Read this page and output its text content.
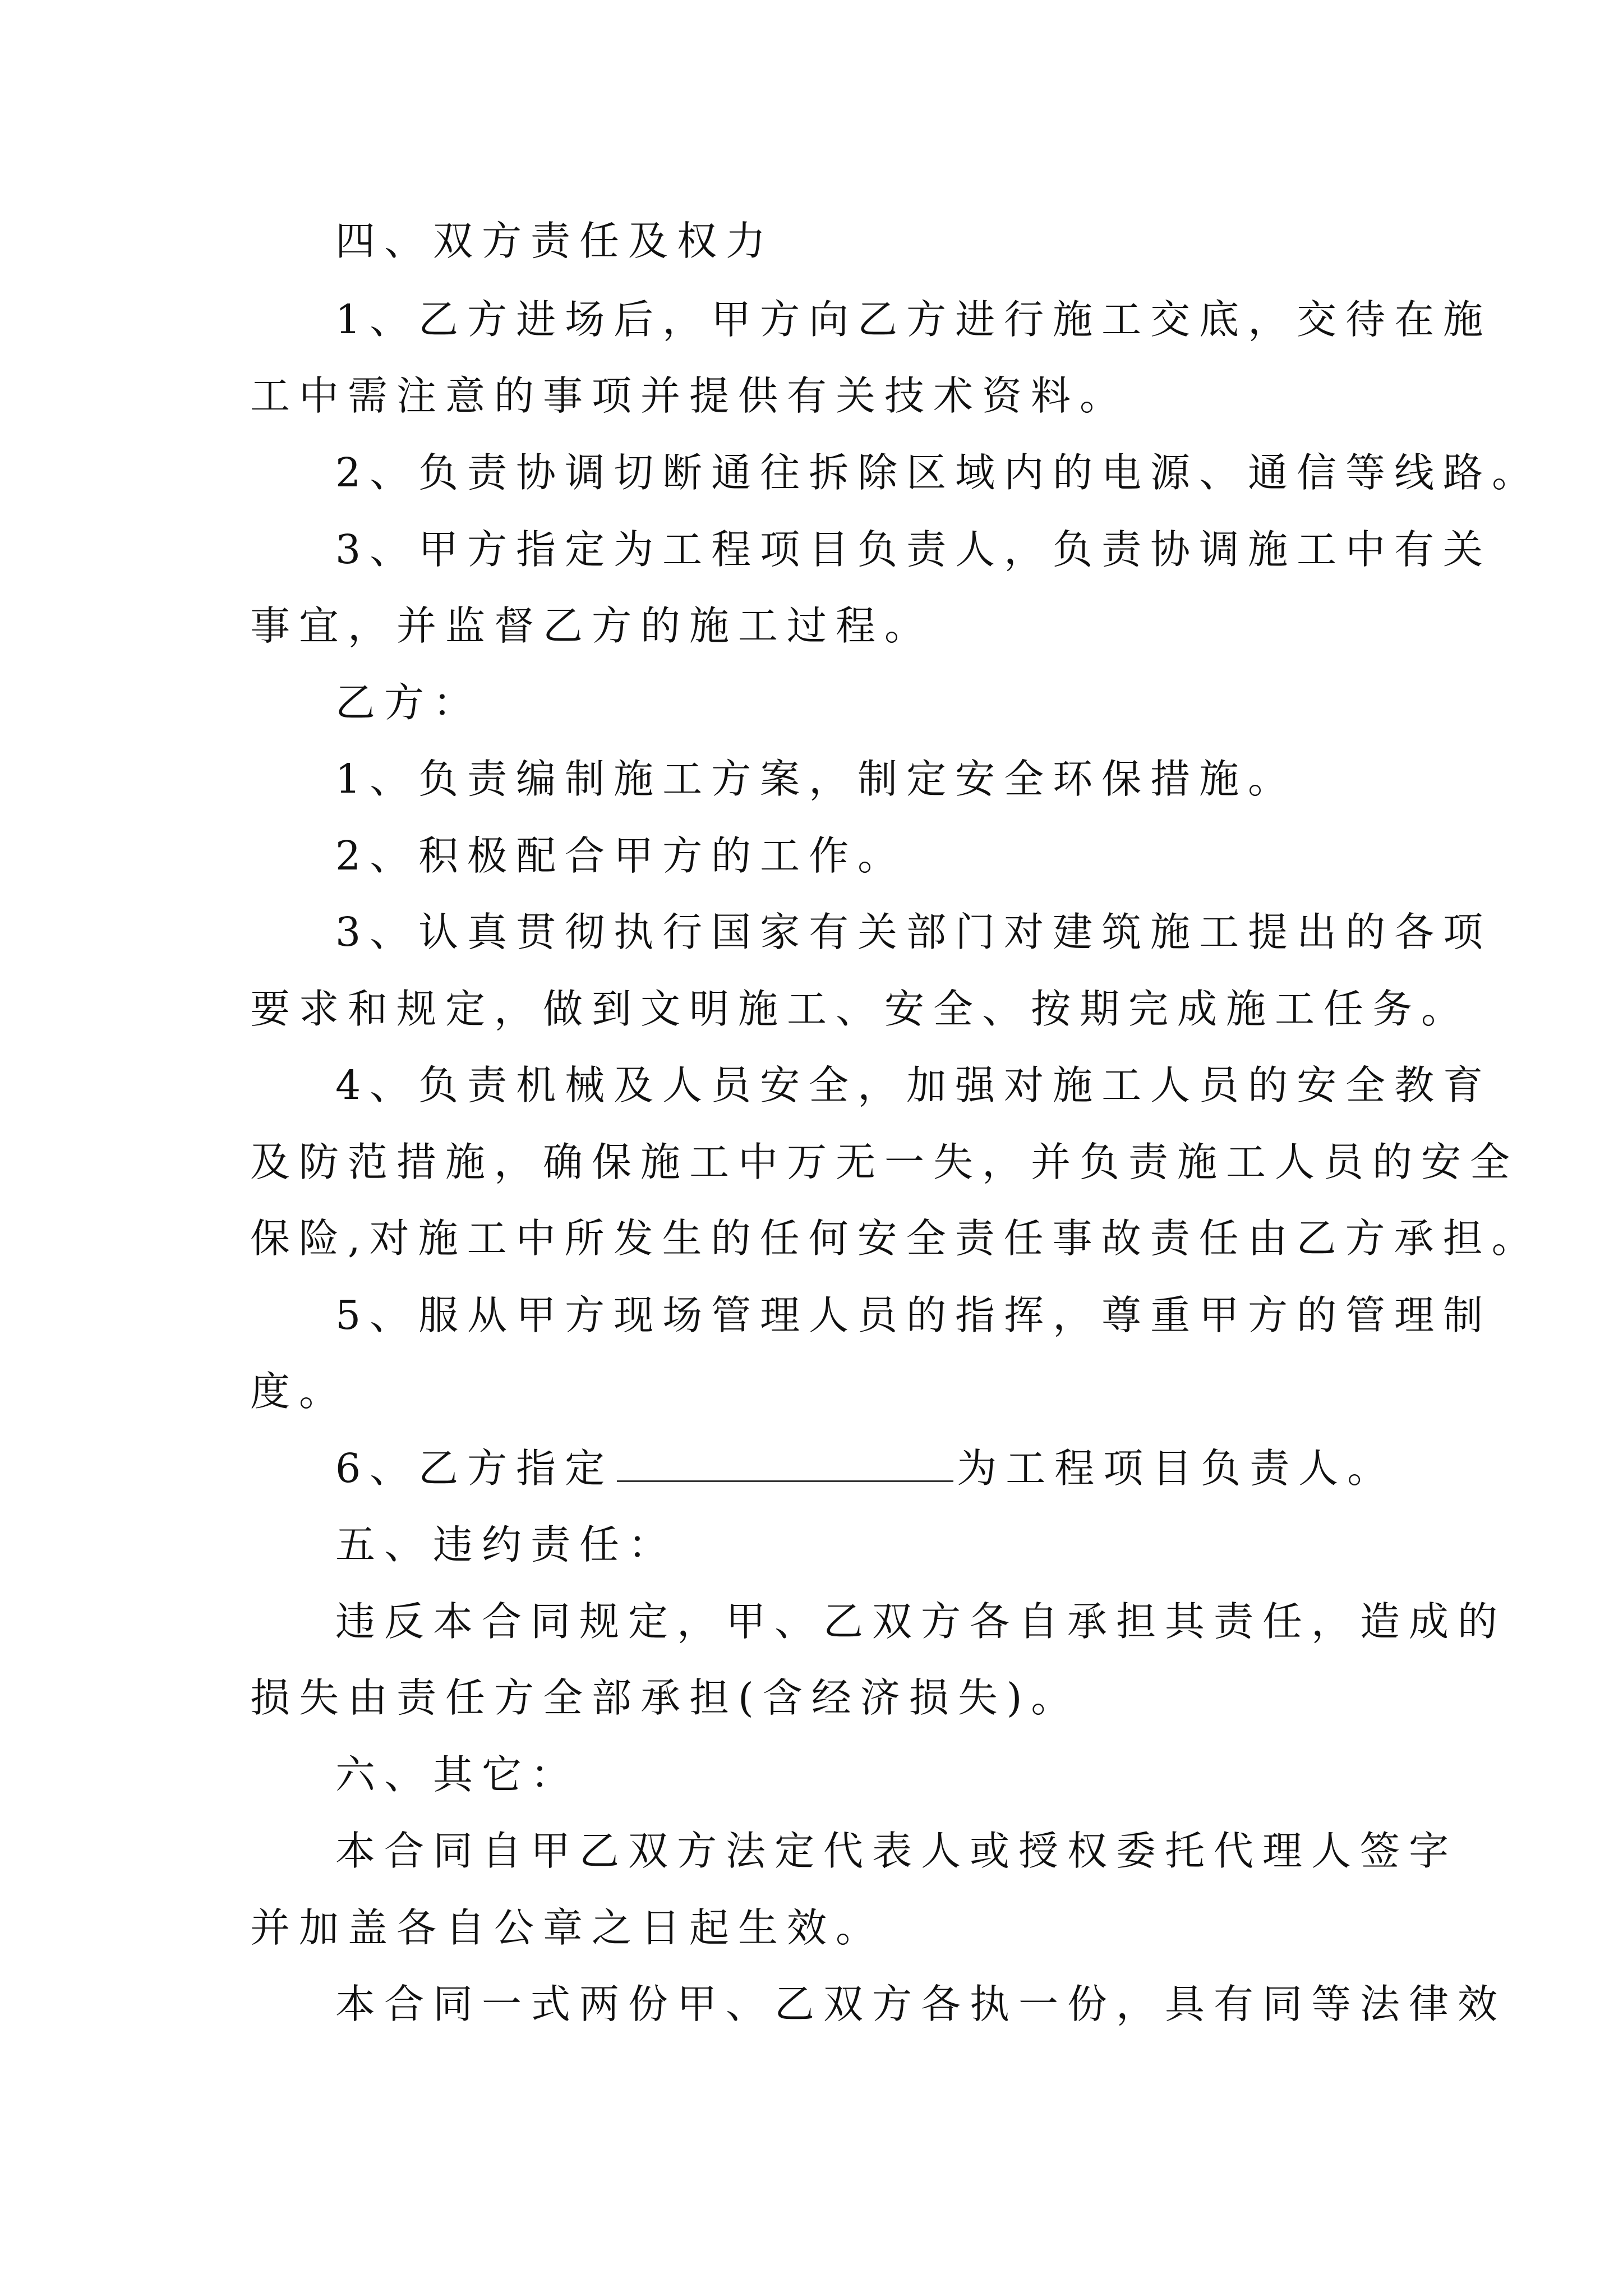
四、双方责任及权力
1、乙方进场后，甲方向乙方进行施工交底，交待在施
工中需注意的事项并提供有关技术资料。
2、负责协调切断通往拆除区域内的电源、通信等线路。
3、甲方指定为工程项目负责人，负责协调施工中有关
事宜，并监督乙方的施工过程。
乙方：
1、负责编制施工方案，制定安全环保措施。
2、积极配合甲方的工作。
3、认真贯彻执行国家有关部门对建筑施工提出的各项
要求和规定，做到文明施工、安全、按期完成施工任务。
4、负责机械及人员安全，加强对施工人员的安全教育
及防范措施，确保施工中万无一失，并负责施工人员的安全
保险,对施工中所发生的任何安全责任事故责任由乙方承担。
5、服从甲方现场管理人员的指挥，尊重甲方的管理制
度。
6、乙方指定	为工程项目负责人。
五、违约责任：
违反本合同规定，甲、乙双方各自承担其责任，造成的
损失由责任方全部承担(含经济损失)。
六、其它：
本合同自甲乙双方法定代表人或授权委托代理人签字
并加盖各自公章之日起生效。
本合同一式两份甲、乙双方各执一份，具有同等法律效
